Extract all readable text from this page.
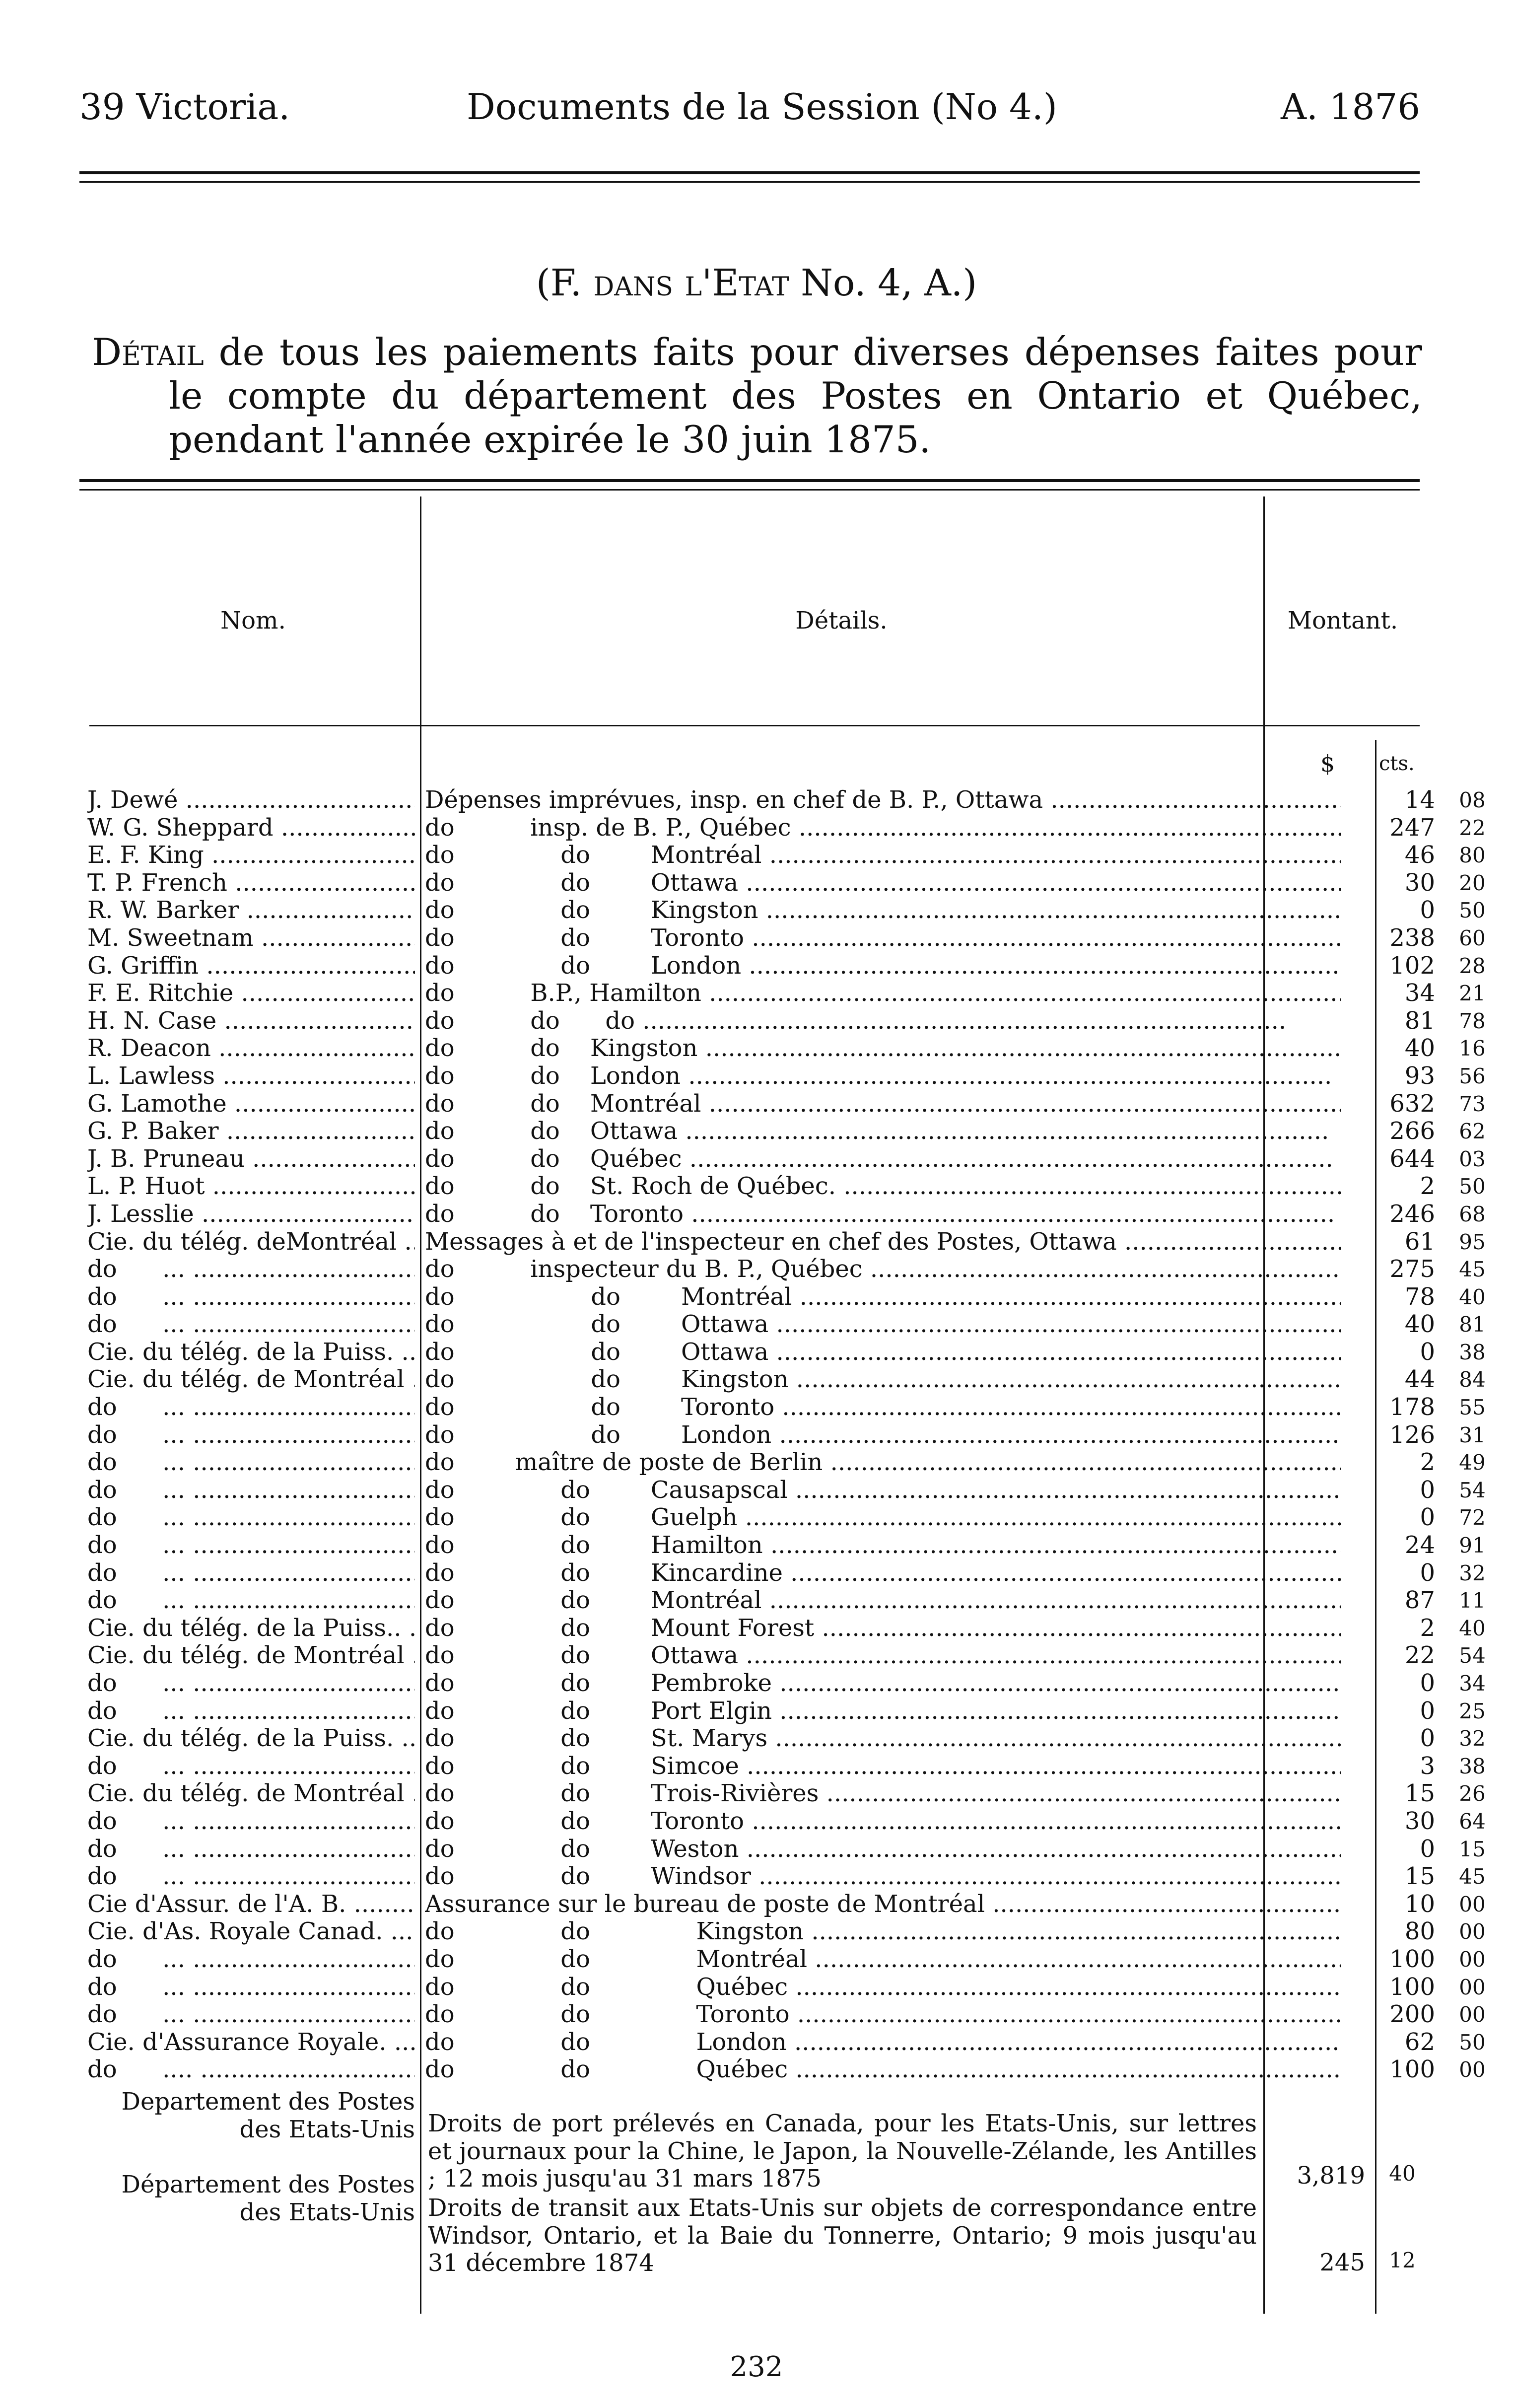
39 Victoria.	Documents de la Session (No 4.)	A. 1876
(F. dans l'Etat No. 4, A.)

Détail de tous les paiements faits pour diverses dépenses faites pour le compte du département des Postes en Ontario et Québec, pendant l'année expirée le 30 juin 1875.

Nom.	Détails.	Montant.
$ cts.
J. Dewé .....	Dépenses imprévues, insp. en chef de B. P., Ottawa .....	14	08
W. G. Sheppard .....	do          insp. de B. P., Québec .....	247	22
E. F. King .....	do              do        Montréal .....	46	80
T. P. French .....	do              do        Ottawa .....	30	20
R. W. Barker .....	do              do        Kingston .....	0	50
M. Sweetnam .....	do              do        Toronto .....	238	60
G. Griffin .....	do              do        London .....	102	28
F. E. Ritchie .....	do          B.P., Hamilton .....	34	21
H. N. Case .....	do          do      do .....	81	78
R. Deacon .....	do          do    Kingston .....	40	16
L. Lawless .....	do          do    London .....	93	56
G. Lamothe .....	do          do    Montréal .....	632	73
G. P. Baker .....	do          do    Ottawa .....	266	62
J. B. Pruneau .....	do          do    Québec .....	644	03
L. P. Huot .....	do          do    St. Roch de Québec. .....	2	50
J. Lesslie .....	do          do    Toronto .....	246	68
Cie. du télég. deMontréal .....	Messages à et de l'inspecteur en chef des Postes, Ottawa .....	61	95
do      ... .....	do          inspecteur du B. P., Québec .....	275	45
do      ... .....	do                  do        Montréal .....	78	40
do      ... .....	do                  do        Ottawa .....	40	81
Cie. du télég. de la Puiss. .....	do                  do        Ottawa .....	0	38
Cie. du télég. de Montréal ..... do                  do        Kingston .....	44	84
do      ... .....	do                  do        Toronto .....	178	55
do      ... .....	do                  do        London .....	126	31
do      ... .....	do        maître de poste de Berlin .....	2	49
do      ... .....	do              do        Causapscal .....	0	54
do      ... .....	do              do        Guelph .....	0	72
do      ... .....	do              do        Hamilton .....	24	91
do      ... .....	do              do        Kincardine .....	0	32
do      ... .....	do              do        Montréal .....	87	11
Cie. du télég. de la Puiss.. ..... do              do        Mount Forest .....	2	40
Cie. du télég. de Montréal ..... do              do        Ottawa .....	22	54
do      ... .....	do              do        Pembroke .....	0	34
do      ... .....	do              do        Port Elgin .....	0	25
Cie. du télég. de la Puiss. .....	do              do        St. Marys .....	0	32
do      ... .....	do              do        Simcoe .....	3	38
Cie. du télég. de Montréal ..... do              do        Trois-Rivières .....	15	26
do      ... .....	do              do        Toronto .....	30	64
do      ... .....	do              do        Weston .....	0	15
do      ... .....	do              do        Windsor .....	15	45
Cie d'Assur. de l'A. B. .....	Assurance sur le bureau de poste de Montréal .....	10	00
Cie. d'As. Royale Canad. .....	do              do              Kingston .....	80	00
do      ... .....	do              do              Montréal .....	100	00
do      ... .....	do              do              Québec .....	100	00
do      ... .....	do              do              Toronto .....	200	00
Cie. d'Assurance Royale. .....	do              do              London .....	62	50
do      .... .....	do              do              Québec .....	100	00
Departement des Postes
des Etats-Unis Droits de port prélevés en Canada, pour les Etats-Unis, sur lettres et journaux pour la Chine, le Japon, la Nouvelle-Zélande, les Antilles ; 12 mois jusqu'au 31 mars 1875	3,819	40
Département des Postes
des Etats-Unis Droits de transit aux Etats-Unis sur objets de correspondance entre Windsor, Ontario, et la Baie du Tonnerre, Ontario; 9 mois jusqu'au 31 décembre 1874	245	12
232
